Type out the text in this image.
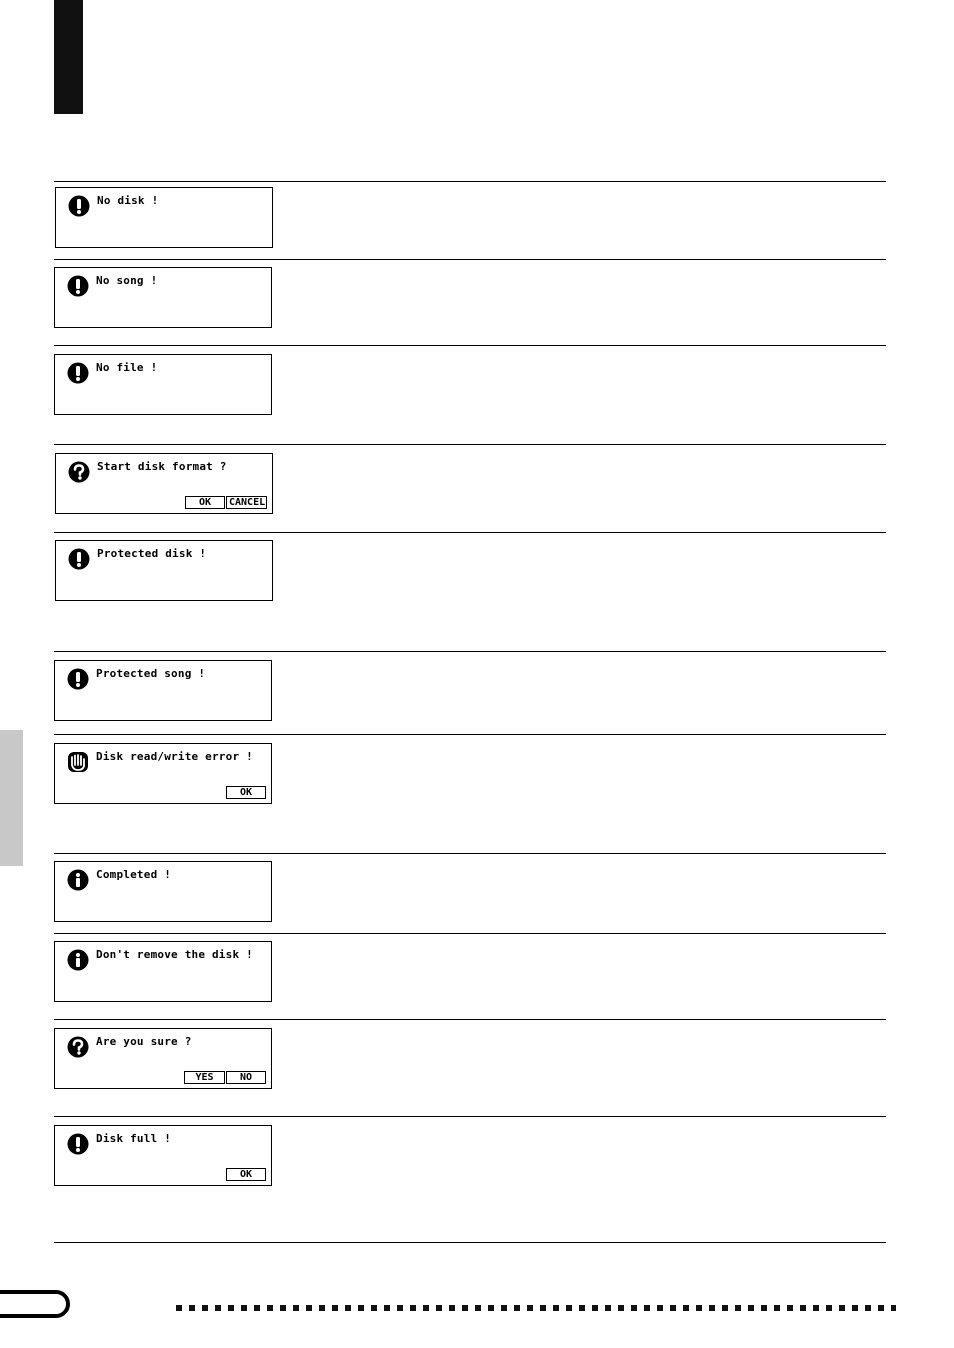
No disk !
No song !
No file !
Start disk format ?
OK	CANCEL
Protected disk !
Protected song !
Disk read/write error !
OK
Completed !
Don't remove the disk !
Are you sure ?
YES	NO
Disk full !
OK
